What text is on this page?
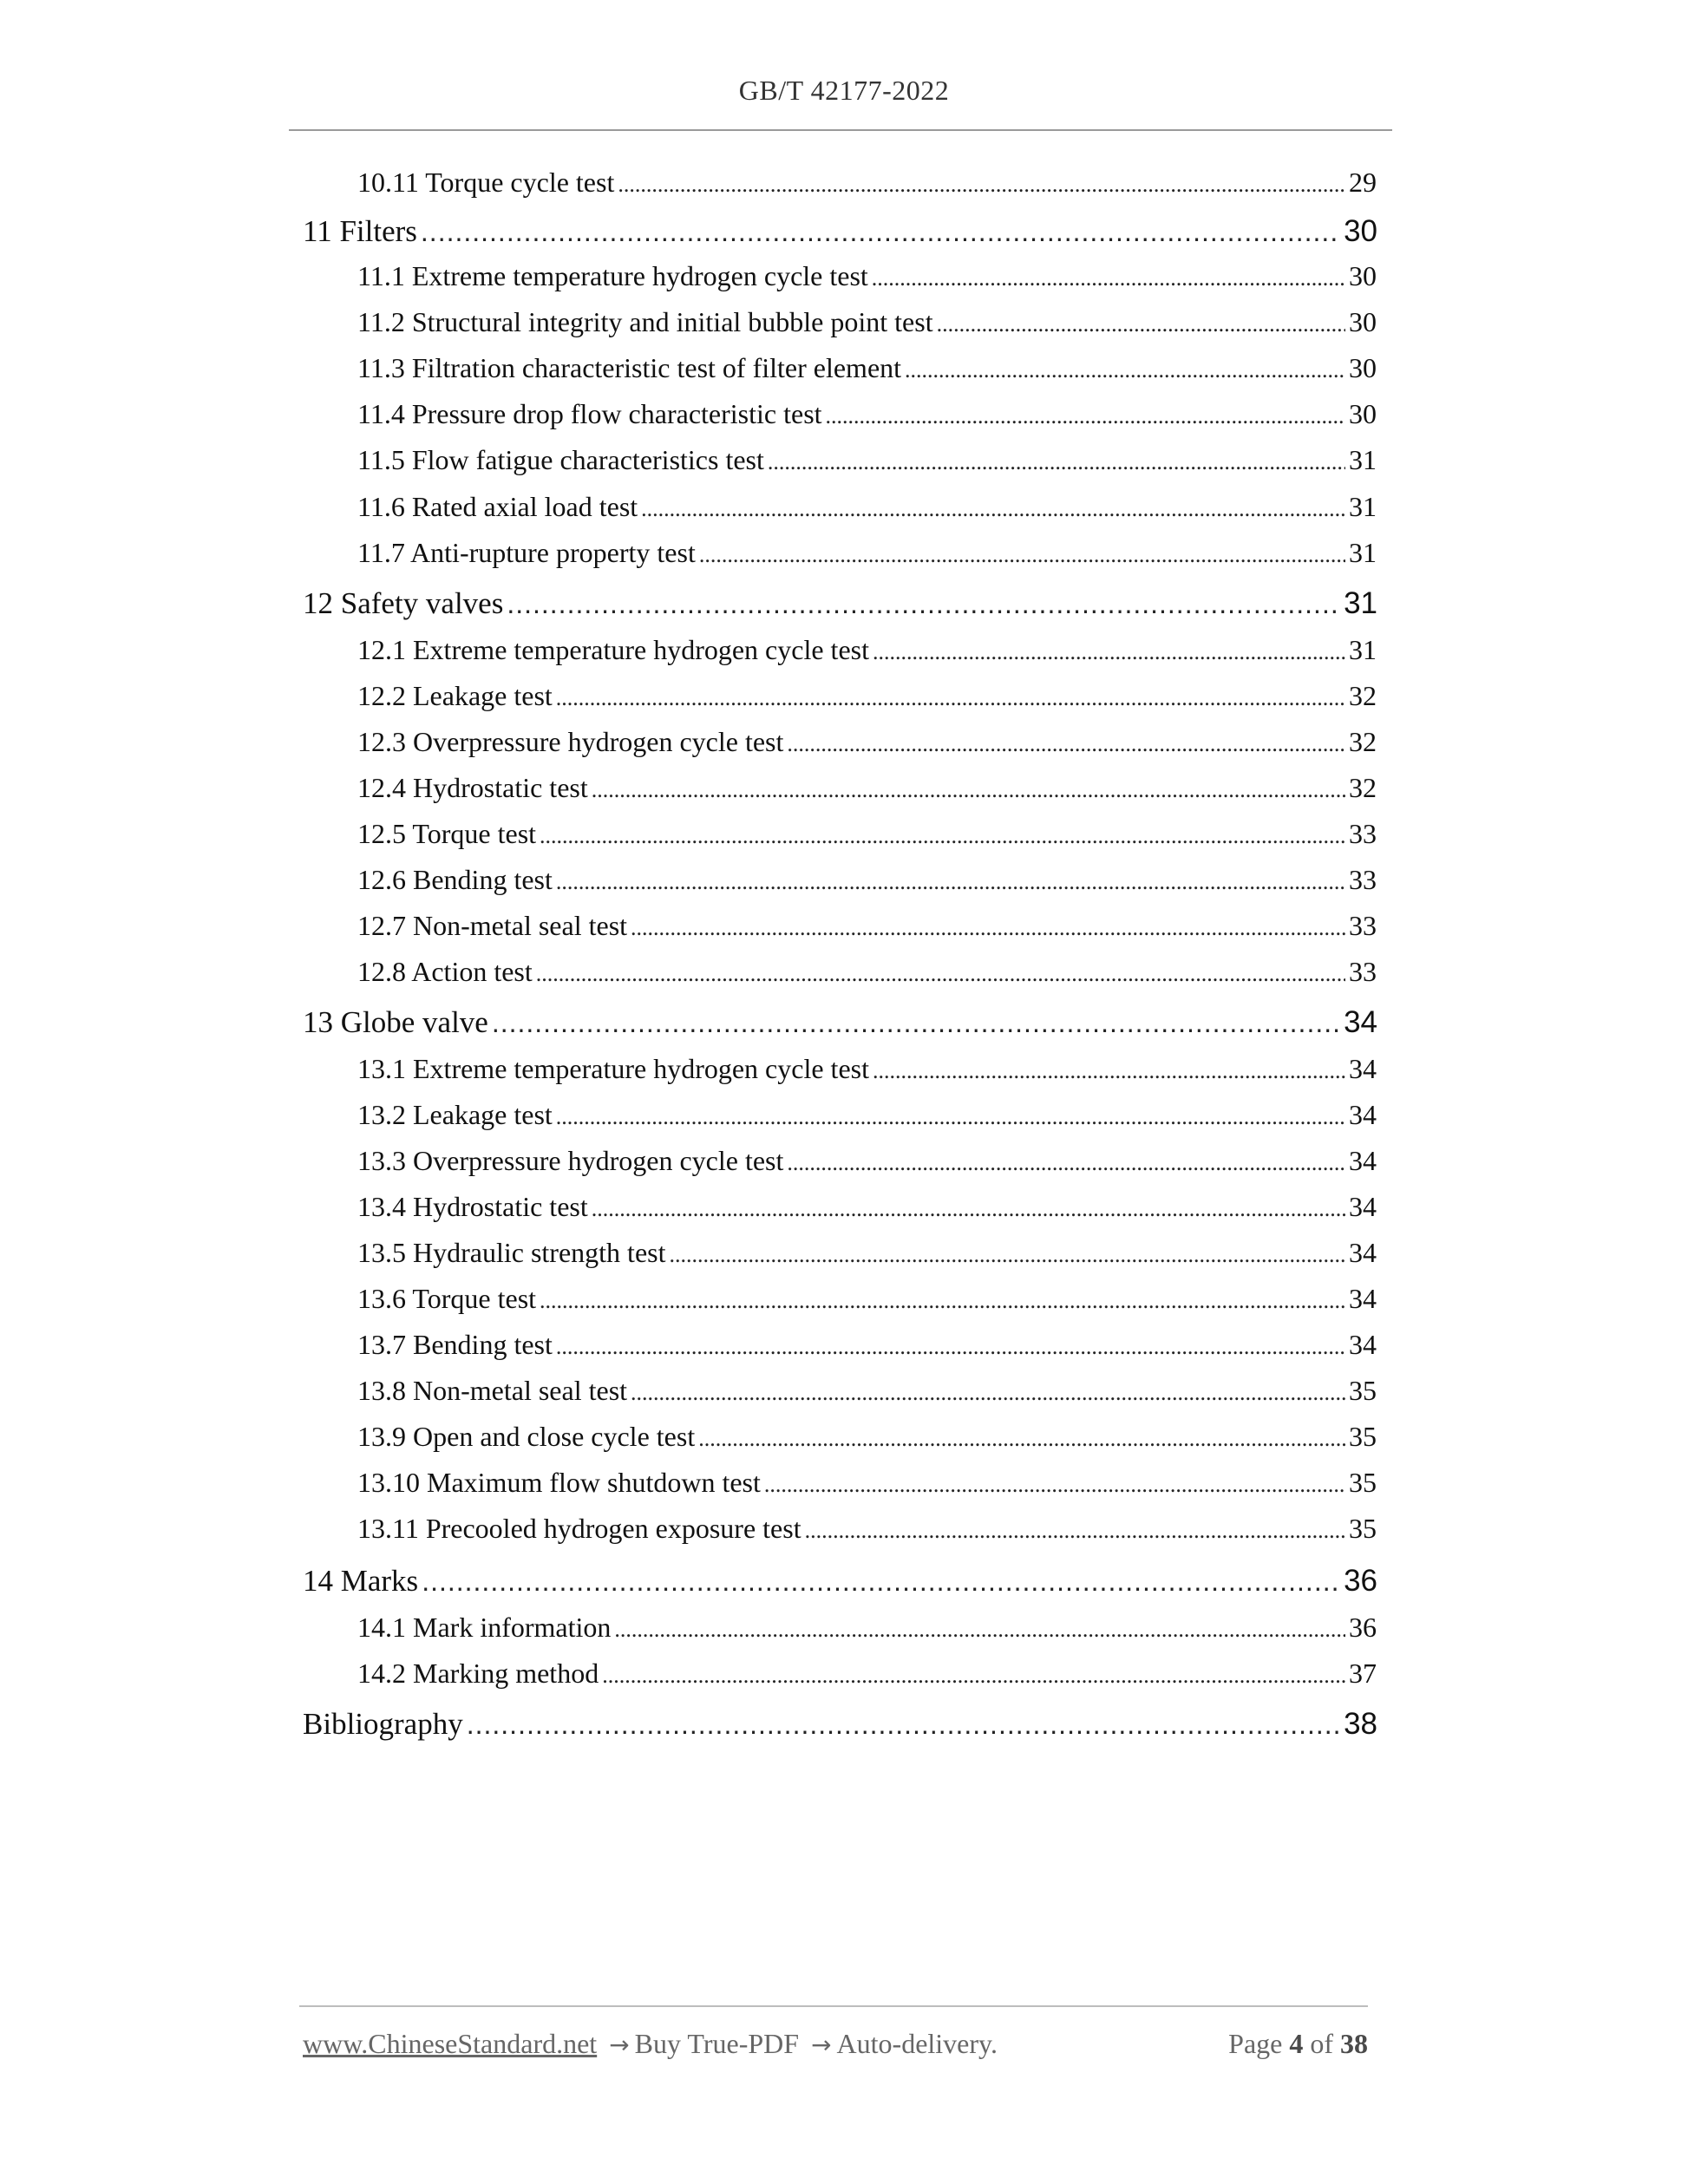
GB/T 42177-2022
10.11 Torque cycle test .....	29
11 Filters .....	30
11.1 Extreme temperature hydrogen cycle test .....	30
11.2 Structural integrity and initial bubble point test .....	30
11.3 Filtration characteristic test of filter element .....	30
11.4 Pressure drop flow characteristic test .....	30
11.5 Flow fatigue characteristics test .....	31
11.6 Rated axial load test .....	31
11.7 Anti-rupture property test .....	31
12 Safety valves .....	31
12.1 Extreme temperature hydrogen cycle test .....	31
12.2 Leakage test .....	32
12.3 Overpressure hydrogen cycle test .....	32
12.4 Hydrostatic test .....	32
12.5 Torque test .....	33
12.6 Bending test .....	33
12.7 Non-metal seal test .....	33
12.8 Action test .....	33
13 Globe valve .....	34
13.1 Extreme temperature hydrogen cycle test .....	34
13.2 Leakage test .....	34
13.3 Overpressure hydrogen cycle test .....	34
13.4 Hydrostatic test .....	34
13.5 Hydraulic strength test .....	34
13.6 Torque test .....	34
13.7 Bending test .....	34
13.8 Non-metal seal test .....	35
13.9 Open and close cycle test .....	35
13.10 Maximum flow shutdown test .....	35
13.11 Precooled hydrogen exposure test .....	35
14 Marks .....	36
14.1 Mark information .....	36
14.2 Marking method .....	37
Bibliography .....	38
www.ChineseStandard.net → Buy True-PDF → Auto-delivery.	Page 4 of 38
